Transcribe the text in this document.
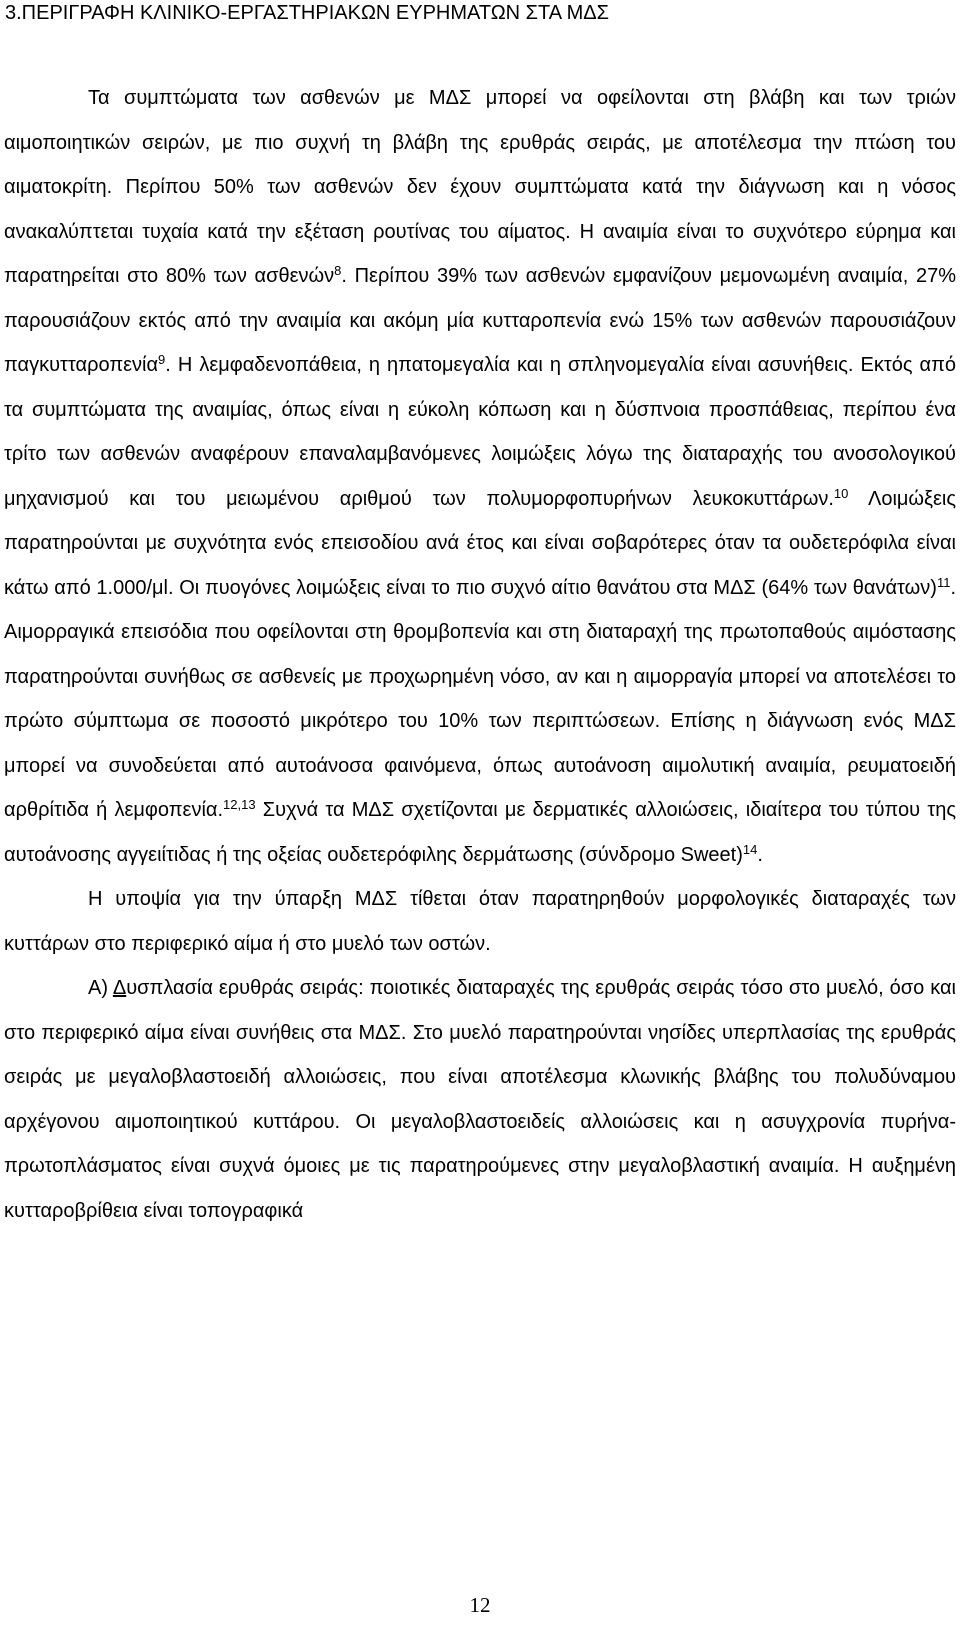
3.ΠΕΡΙΓΡΑΦΗ ΚΛΙΝΙΚΟ-ΕΡΓΑΣΤΗΡΙΑΚΩΝ ΕΥΡΗΜΑΤΩΝ ΣΤΑ ΜΔΣ

Τα συμπτώματα των ασθενών με ΜΔΣ μπορεί να οφείλονται στη βλάβη και των τριών αιμοποιητικών σειρών, με πιο συχνή τη βλάβη της ερυθράς σειράς, με αποτέλεσμα την πτώση του αιματοκρίτη. Περίπου 50% των ασθενών δεν έχουν συμπτώματα κατά την διάγνωση και η νόσος ανακαλύπτεται τυχαία κατά την εξέταση ρουτίνας του αίματος. Η αναιμία είναι το συχνότερο εύρημα και παρατηρείται στο 80% των ασθενών$^8$. Περίπου 39% των ασθενών εμφανίζουν μεμονωμένη αναιμία, 27% παρουσιάζουν εκτός από την αναιμία και ακόμη μία κυτταροπενία ενώ 15% των ασθενών παρουσιάζουν παγκυτταροπενία$^9$. Η λεμφαδενοπάθεια, η ηπατομεγαλία και η σπληνομεγαλία είναι ασυνήθεις. Εκτός από τα συμπτώματα της αναιμίας, όπως είναι η εύκολη κόπωση και η δύσπνοια προσπάθειας, περίπου ένα τρίτο των ασθενών αναφέρουν επαναλαμβανόμενες λοιμώξεις λόγω της διαταραχής του ανοσολογικού μηχανισμού και του μειωμένου αριθμού των πολυμορφοπυρήνων λευκοκυττάρων.$^{10}$ Λοιμώξεις παρατηρούνται με συχνότητα ενός επεισοδίου ανά έτος και είναι σοβαρότερες όταν τα ουδετερόφιλα είναι κάτω από 1.000/μl. Οι πυογόνες λοιμώξεις είναι το πιο συχνό αίτιο θανάτου στα ΜΔΣ (64% των θανάτων)$^{11}$. Αιμορραγικά επεισόδια που οφείλονται στη θρομβοπενία και στη διαταραχή της πρωτοπαθούς αιμόστασης παρατηρούνται συνήθως σε ασθενείς με προχωρημένη νόσο, αν και η αιμορραγία μπορεί να αποτελέσει το πρώτο σύμπτωμα σε ποσοστό μικρότερο του 10% των περιπτώσεων. Επίσης η διάγνωση ενός ΜΔΣ μπορεί να συνοδεύεται από αυτοάνοσα φαινόμενα, όπως αυτοάνοση αιμολυτική αναιμία, ρευματοειδή αρθρίτιδα ή λεμφοπενία.$^{12,13}$ Συχνά τα ΜΔΣ σχετίζονται με δερματικές αλλοιώσεις, ιδιαίτερα του τύπου της αυτοάνοσης αγγειίτιδας ή της οξείας ουδετερόφιλης δερμάτωσης (σύνδρομο Sweet)$^{14}$.

Η υποψία για την ύπαρξη ΜΔΣ τίθεται όταν παρατηρηθούν μορφολογικές διαταραχές των κυττάρων στο περιφερικό αίμα ή στο μυελό των οστών.

Α) Δυσπλασία ερυθράς σειράς: ποιοτικές διαταραχές της ερυθράς σειράς τόσο στο μυελό, όσο και στο περιφερικό αίμα είναι συνήθεις στα ΜΔΣ. Στο μυελό παρατηρούνται νησίδες υπερπλασίας της ερυθράς σειράς με μεγαλοβλαστοειδή αλλοιώσεις, που είναι αποτέλεσμα κλωνικής βλάβης του πολυδύναμου αρχέγονου αιμοποιητικού κυττάρου. Οι μεγαλοβλαστοειδείς αλλοιώσεις και η ασυγχρονία πυρήνα-πρωτοπλάσματος είναι συχνά όμοιες με τις παρατηρούμενες στην μεγαλοβλαστική αναιμία. Η αυξημένη κυτταροβρίθεια είναι τοπογραφικά

12
